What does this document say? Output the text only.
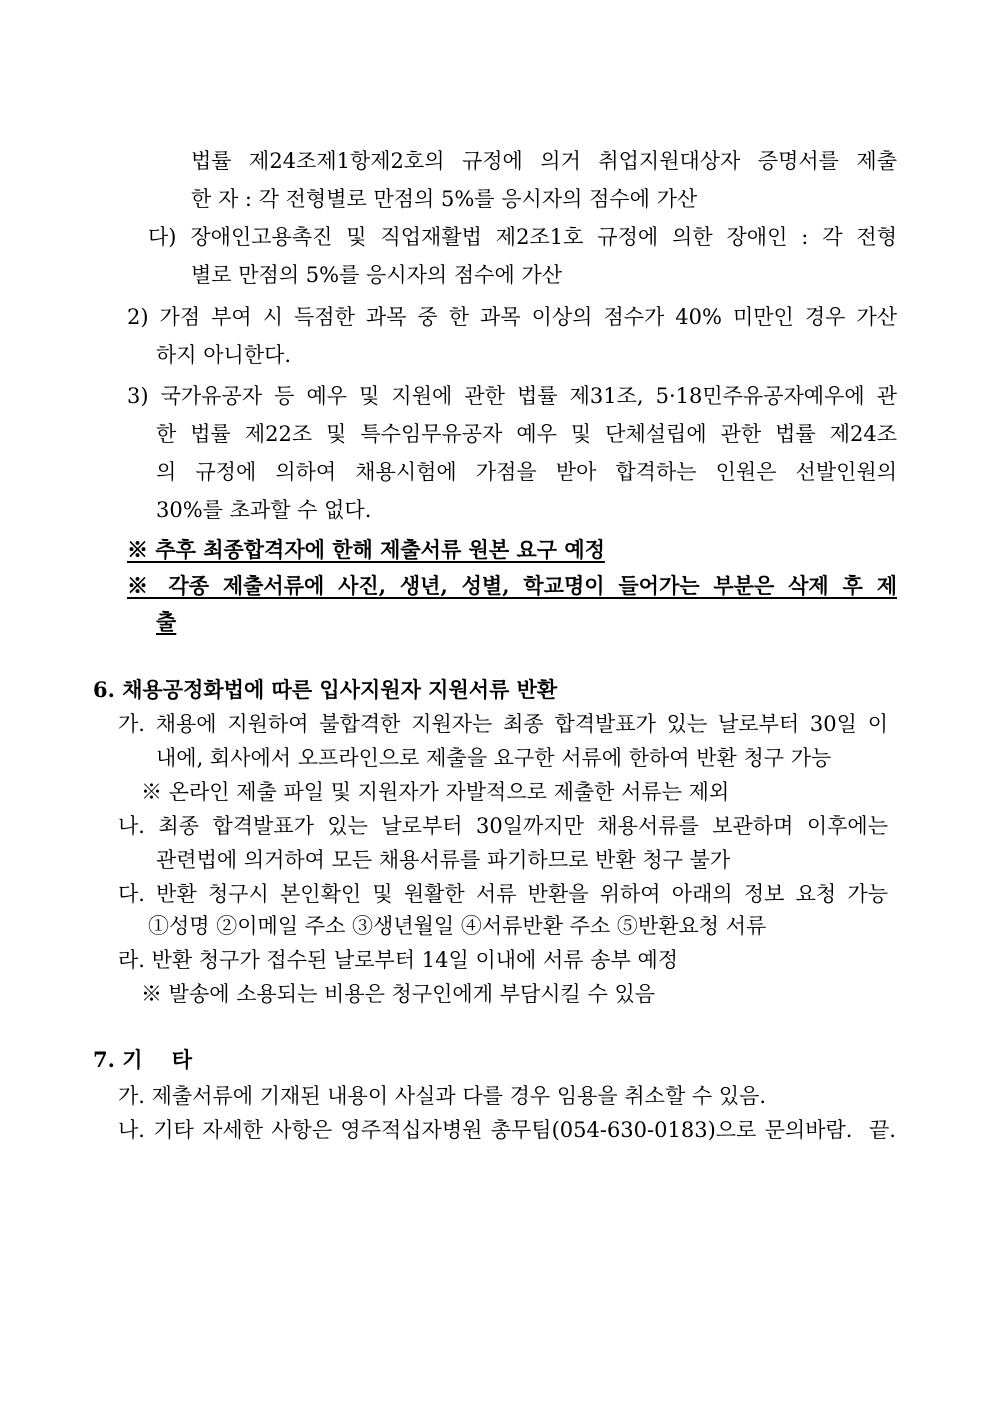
법률 제24조제1항제2호의 규정에 의거 취업지원대상자 증명서를 제출
한 자 : 각 전형별로 만점의 5%를 응시자의 점수에 가산
다) 장애인고용촉진 및 직업재활법 제2조1호 규정에 의한 장애인 : 각 전형
별로 만점의 5%를 응시자의 점수에 가산
2) 가점 부여 시 득점한 과목 중 한 과목 이상의 점수가 40% 미만인 경우 가산
하지 아니한다.
3) 국가유공자 등 예우 및 지원에 관한 법률 제31조, 5·18민주유공자예우에 관
한 법률 제22조 및 특수임무유공자 예우 및 단체설립에 관한 법률 제24조
의 규정에 의하여 채용시험에 가점을 받아 합격하는 인원은 선발인원의
30%를 초과할 수 없다.
※ 추후 최종합격자에 한해 제출서류 원본 요구 예정
※ 각종 제출서류에 사진, 생년, 성별, 학교명이 들어가는 부분은 삭제 후 제
출
6. 채용공정화법에 따른 입사지원자 지원서류 반환
가. 채용에 지원하여 불합격한 지원자는 최종 합격발표가 있는 날로부터 30일 이
내에, 회사에서 오프라인으로 제출을 요구한 서류에 한하여 반환 청구 가능
※ 온라인 제출 파일 및 지원자가 자발적으로 제출한 서류는 제외
나. 최종 합격발표가 있는 날로부터 30일까지만 채용서류를 보관하며 이후에는
관련법에 의거하여 모든 채용서류를 파기하므로 반환 청구 불가
다. 반환 청구시 본인확인 및 원활한 서류 반환을 위하여 아래의 정보 요청 가능
①성명 ②이메일 주소 ③생년월일 ④서류반환 주소 ⑤반환요청 서류
라. 반환 청구가 접수된 날로부터 14일 이내에 서류 송부 예정
※ 발송에 소용되는 비용은 청구인에게 부담시킬 수 있음
7. 기    타
가. 제출서류에 기재된 내용이 사실과 다를 경우 임용을 취소할 수 있음.
나. 기타 자세한 사항은 영주적십자병원 총무팀(054-630-0183)으로 문의바람.  끝.
